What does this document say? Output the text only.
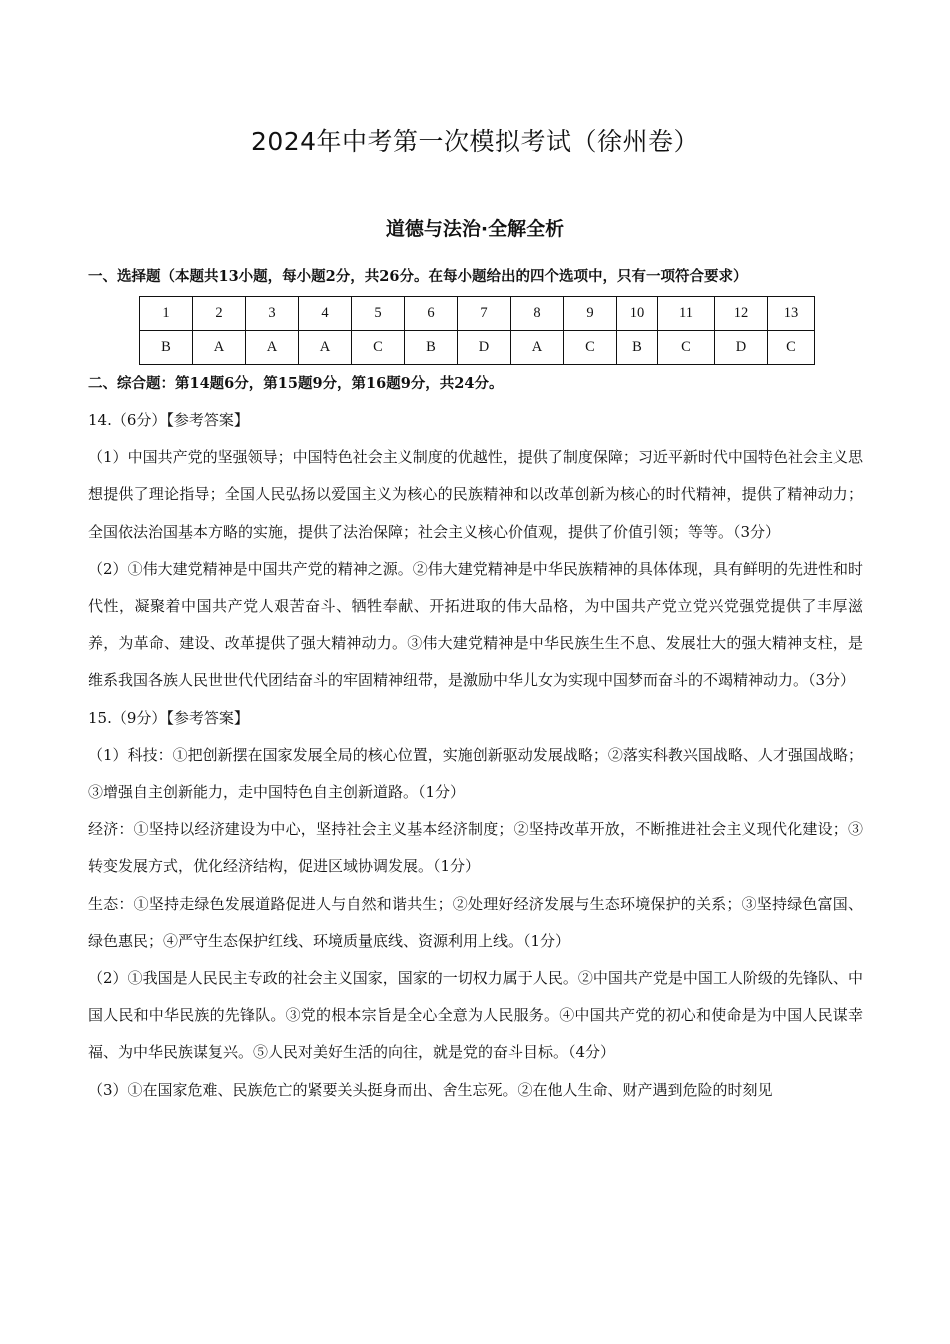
2024年中考第一次模拟考试（徐州卷）
道德与法治·全解全析
一、选择题（本题共13小题，每小题2分，共26分。在每小题给出的四个选项中，只有一项符合要求）
1	2	3	4	5	6	7	8	9	10	11	12	13
B	A	A	A	C	B	D	A	C	B	C	D	C
二、综合题：第14题6分，第15题9分，第16题9分，共24分。

14.（6分）【参考答案】

（1）中国共产党的坚强领导；中国特色社会主义制度的优越性，提供了制度保障；习近平新时代中国特色社会主义思想提供了理论指导；全国人民弘扬以爱国主义为核心的民族精神和以改革创新为核心的时代精神，提供了精神动力；全国依法治国基本方略的实施，提供了法治保障；社会主义核心价值观，提供了价值引领；等等。（3分）

（2）①伟大建党精神是中国共产党的精神之源。②伟大建党精神是中华民族精神的具体体现，具有鲜明的先进性和时代性，凝聚着中国共产党人艰苦奋斗、牺牲奉献、开拓进取的伟大品格，为中国共产党立党兴党强党提供了丰厚滋养，为革命、建设、改革提供了强大精神动力。③伟大建党精神是中华民族生生不息、发展壮大的强大精神支柱，是维系我国各族人民世世代代团结奋斗的牢固精神纽带，是激励中华儿女为实现中国梦而奋斗的不竭精神动力。（3分）

15.（9分）【参考答案】

（1）科技：①把创新摆在国家发展全局的核心位置，实施创新驱动发展战略；②落实科教兴国战略、人才强国战略；③增强自主创新能力，走中国特色自主创新道路。（1分）

经济：①坚持以经济建设为中心，坚持社会主义基本经济制度；②坚持改革开放，不断推进社会主义现代化建设；③转变发展方式，优化经济结构，促进区域协调发展。（1分）

生态：①坚持走绿色发展道路促进人与自然和谐共生；②处理好经济发展与生态环境保护的关系；③坚持绿色富国、绿色惠民；④严守生态保护红线、环境质量底线、资源利用上线。（1分）

（2）①我国是人民民主专政的社会主义国家，国家的一切权力属于人民。②中国共产党是中国工人阶级的先锋队、中国人民和中华民族的先锋队。③党的根本宗旨是全心全意为人民服务。④中国共产党的初心和使命是为中国人民谋幸福、为中华民族谋复兴。⑤人民对美好生活的向往，就是党的奋斗目标。（4分）

（3）①在国家危难、民族危亡的紧要关头挺身而出、舍生忘死。②在他人生命、财产遇到危险的时刻见
